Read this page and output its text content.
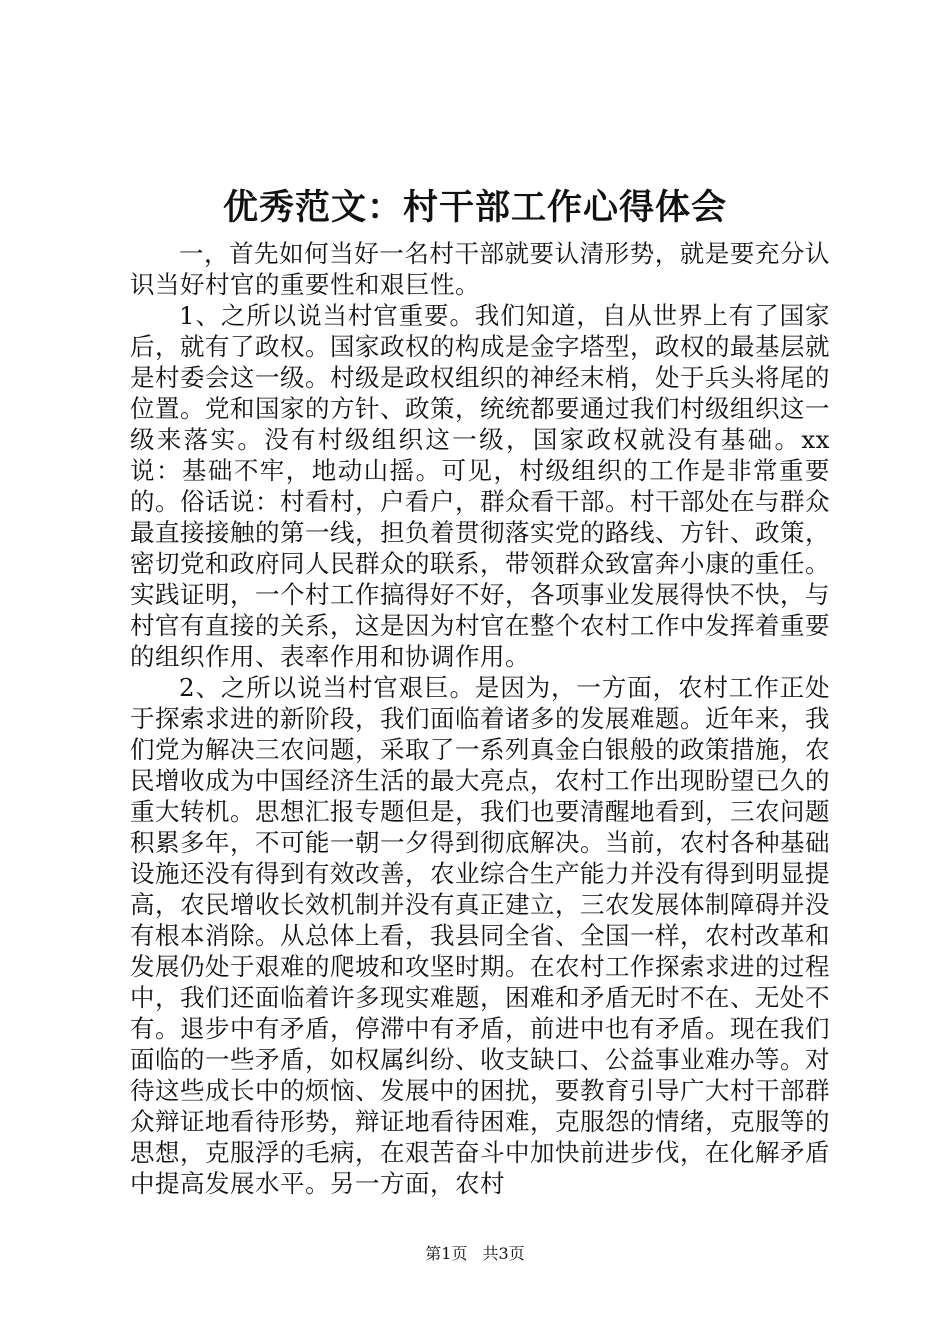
优秀范文：村干部工作心得体会

一，首先如何当好一名村干部就要认清形势，就是要充分认识当好村官的重要性和艰巨性。

1、之所以说当村官重要。我们知道，自从世界上有了国家后，就有了政权。国家政权的构成是金字塔型，政权的最基层就是村委会这一级。村级是政权组织的神经末梢，处于兵头将尾的位置。党和国家的方针、政策，统统都要通过我们村级组织这一级来落实。没有村级组织这一级，国家政权就没有基础。xx说：基础不牢，地动山摇。可见，村级组织的工作是非常重要的。俗话说：村看村，户看户，群众看干部。村干部处在与群众最直接接触的第一线，担负着贯彻落实党的路线、方针、政策，密切党和政府同人民群众的联系，带领群众致富奔小康的重任。实践证明，一个村工作搞得好不好，各项事业发展得快不快，与村官有直接的关系，这是因为村官在整个农村工作中发挥着重要的组织作用、表率作用和协调作用。

2、之所以说当村官艰巨。是因为，一方面，农村工作正处于探索求进的新阶段，我们面临着诸多的发展难题。近年来，我们党为解决三农问题，采取了一系列真金白银般的政策措施，农民增收成为中国经济生活的最大亮点，农村工作出现盼望已久的重大转机。思想汇报专题但是，我们也要清醒地看到，三农问题积累多年，不可能一朝一夕得到彻底解决。当前，农村各种基础设施还没有得到有效改善，农业综合生产能力并没有得到明显提高，农民增收长效机制并没有真正建立，三农发展体制障碍并没有根本消除。从总体上看，我县同全省、全国一样，农村改革和发展仍处于艰难的爬坡和攻坚时期。在农村工作探索求进的过程中，我们还面临着许多现实难题，困难和矛盾无时不在、无处不有。退步中有矛盾，停滞中有矛盾，前进中也有矛盾。现在我们面临的一些矛盾，如权属纠纷、收支缺口、公益事业难办等。对待这些成长中的烦恼、发展中的困扰，要教育引导广大村干部群众辩证地看待形势，辩证地看待困难，克服怨的情绪，克服等的思想，克服浮的毛病，在艰苦奋斗中加快前进步伐，在化解矛盾中提高发展水平。另一方面，农村

第1页 共3页
